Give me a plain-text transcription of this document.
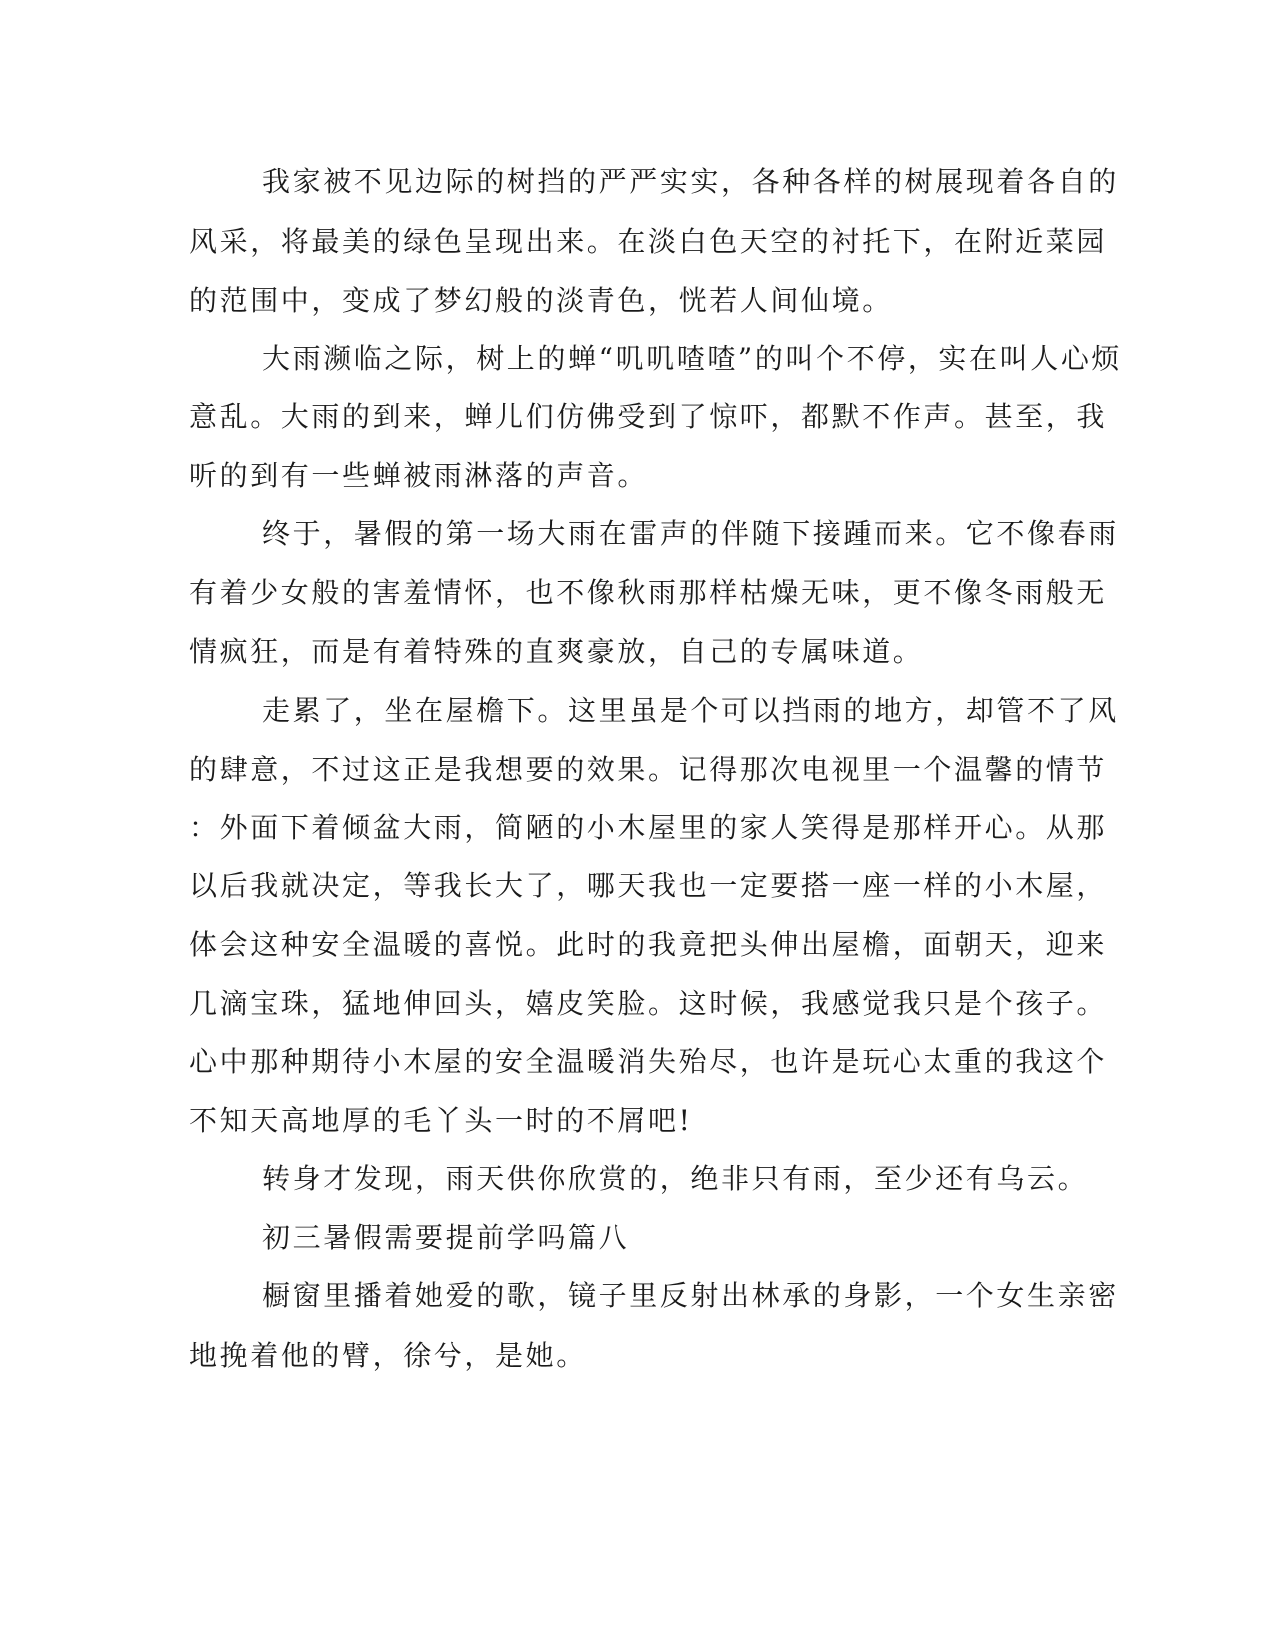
我家被不见边际的树挡的严严实实，各种各样的树展现着各自的
风采，将最美的绿色呈现出来。在淡白色天空的衬托下，在附近菜园
的范围中，变成了梦幻般的淡青色，恍若人间仙境。
大雨濒临之际，树上的蝉“叽叽喳喳”的叫个不停，实在叫人心烦
意乱。大雨的到来，蝉儿们仿佛受到了惊吓，都默不作声。甚至，我
听的到有一些蝉被雨淋落的声音。
终于，暑假的第一场大雨在雷声的伴随下接踵而来。它不像春雨
有着少女般的害羞情怀，也不像秋雨那样枯燥无味，更不像冬雨般无
情疯狂，而是有着特殊的直爽豪放，自己的专属味道。
走累了，坐在屋檐下。这里虽是个可以挡雨的地方，却管不了风
的肆意，不过这正是我想要的效果。记得那次电视里一个温馨的情节
：外面下着倾盆大雨，简陋的小木屋里的家人笑得是那样开心。从那
以后我就决定，等我长大了，哪天我也一定要搭一座一样的小木屋，
体会这种安全温暖的喜悦。此时的我竟把头伸出屋檐，面朝天，迎来
几滴宝珠，猛地伸回头，嬉皮笑脸。这时候，我感觉我只是个孩子。
心中那种期待小木屋的安全温暖消失殆尽，也许是玩心太重的我这个
不知天高地厚的毛丫头一时的不屑吧!
转身才发现，雨天供你欣赏的，绝非只有雨，至少还有乌云。
初三暑假需要提前学吗篇八
橱窗里播着她爱的歌，镜子里反射出林承的身影，一个女生亲密
地挽着他的臂，徐兮，是她。
